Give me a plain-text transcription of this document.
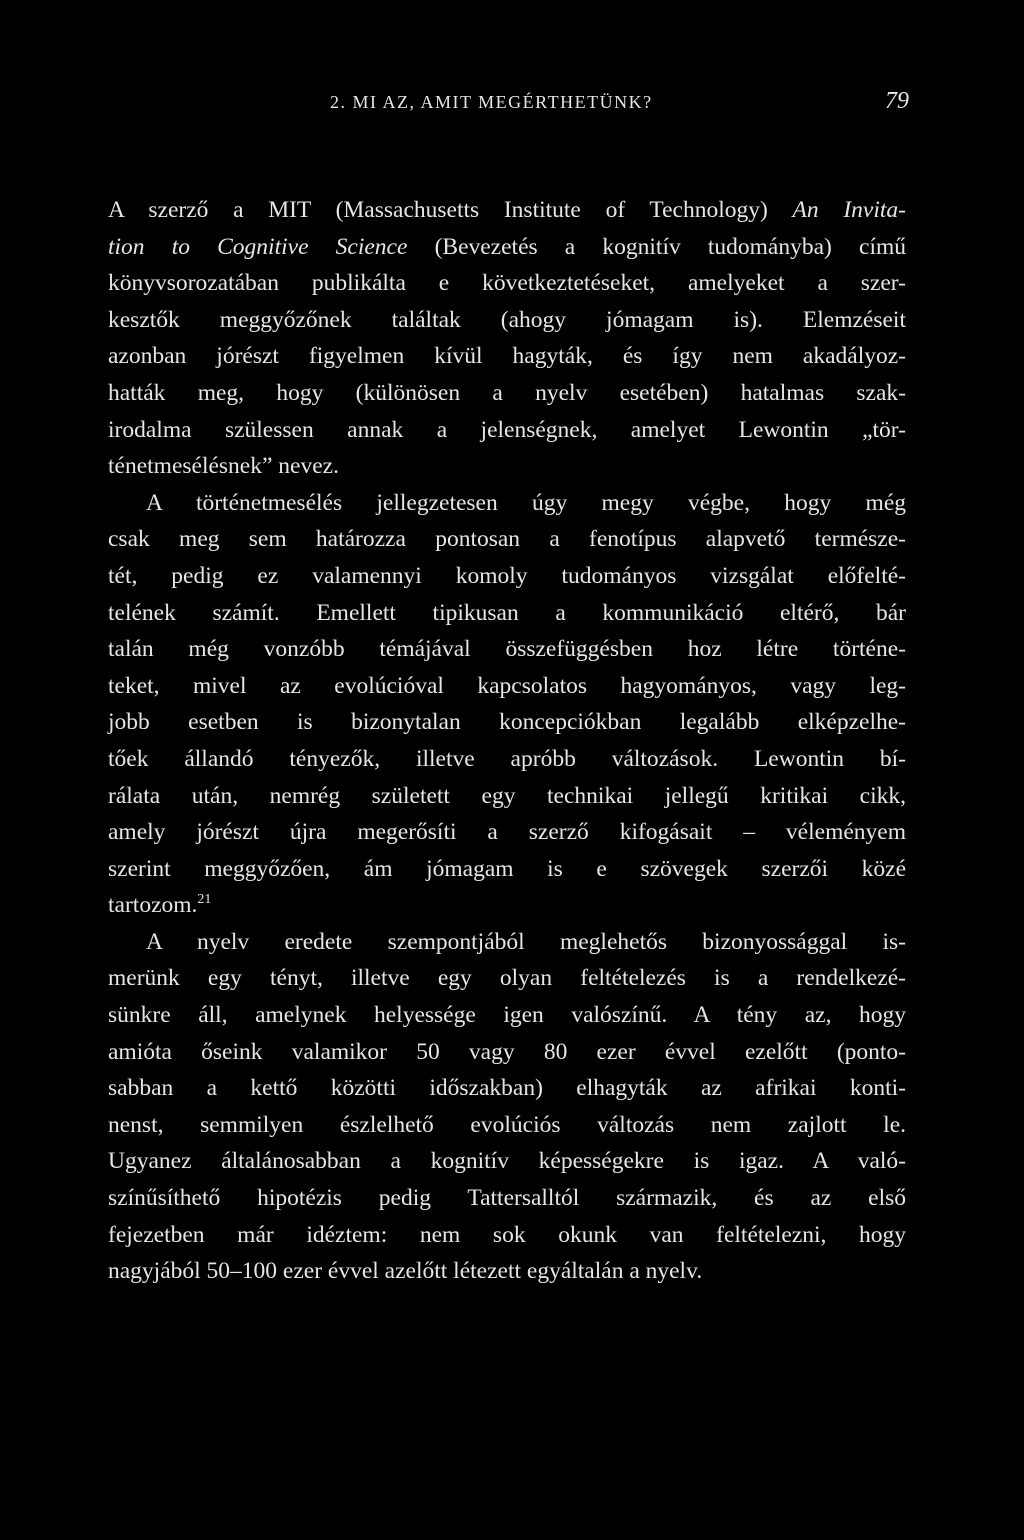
2. MI AZ, AMIT MEGÉRTHETÜNK?	79
A szerző a MIT (Massachusetts Institute of Technology) An Invita-
tion to Cognitive Science (Bevezetés a kognitív tudományba) című
könyvsorozatában publikálta e következtetéseket, amelyeket a szer-
kesztők meggyőzőnek találtak (ahogy jómagam is). Elemzéseit
azonban jórészt figyelmen kívül hagyták, és így nem akadályoz-
hatták meg, hogy (különösen a nyelv esetében) hatalmas szak-
irodalma szülessen annak a jelenségnek, amelyet Lewontin „tör-
ténetmesélésnek” nevez.
A történetmesélés jellegzetesen úgy megy végbe, hogy még
csak meg sem határozza pontosan a fenotípus alapvető természe-
tét, pedig ez valamennyi komoly tudományos vizsgálat előfelté-
telének számít. Emellett tipikusan a kommunikáció eltérő, bár
talán még vonzóbb témájával összefüggésben hoz létre történe-
teket, mivel az evolúcióval kapcsolatos hagyományos, vagy leg-
jobb esetben is bizonytalan koncepciókban legalább elképzelhe-
tőek állandó tényezők, illetve apróbb változások. Lewontin bí-
rálata után, nemrég született egy technikai jellegű kritikai cikk,
amely jórészt újra megerősíti a szerző kifogásait – véleményem
szerint meggyőzően, ám jómagam is e szövegek szerzői közé
tartozom.$^{21}$
A nyelv eredete szempontjából meglehetős bizonyossággal is-
merünk egy tényt, illetve egy olyan feltételezés is a rendelkezé-
sünkre áll, amelynek helyessége igen valószínű. A tény az, hogy
amióta őseink valamikor 50 vagy 80 ezer évvel ezelőtt (ponto-
sabban a kettő közötti időszakban) elhagyták az afrikai konti-
nenst, semmilyen észlelhető evolúciós változás nem zajlott le.
Ugyanez általánosabban a kognitív képességekre is igaz. A való-
színűsíthető hipotézis pedig Tattersalltól származik, és az első
fejezetben már idéztem: nem sok okunk van feltételezni, hogy
nagyjából 50–100 ezer évvel azelőtt létezett egyáltalán a nyelv.
